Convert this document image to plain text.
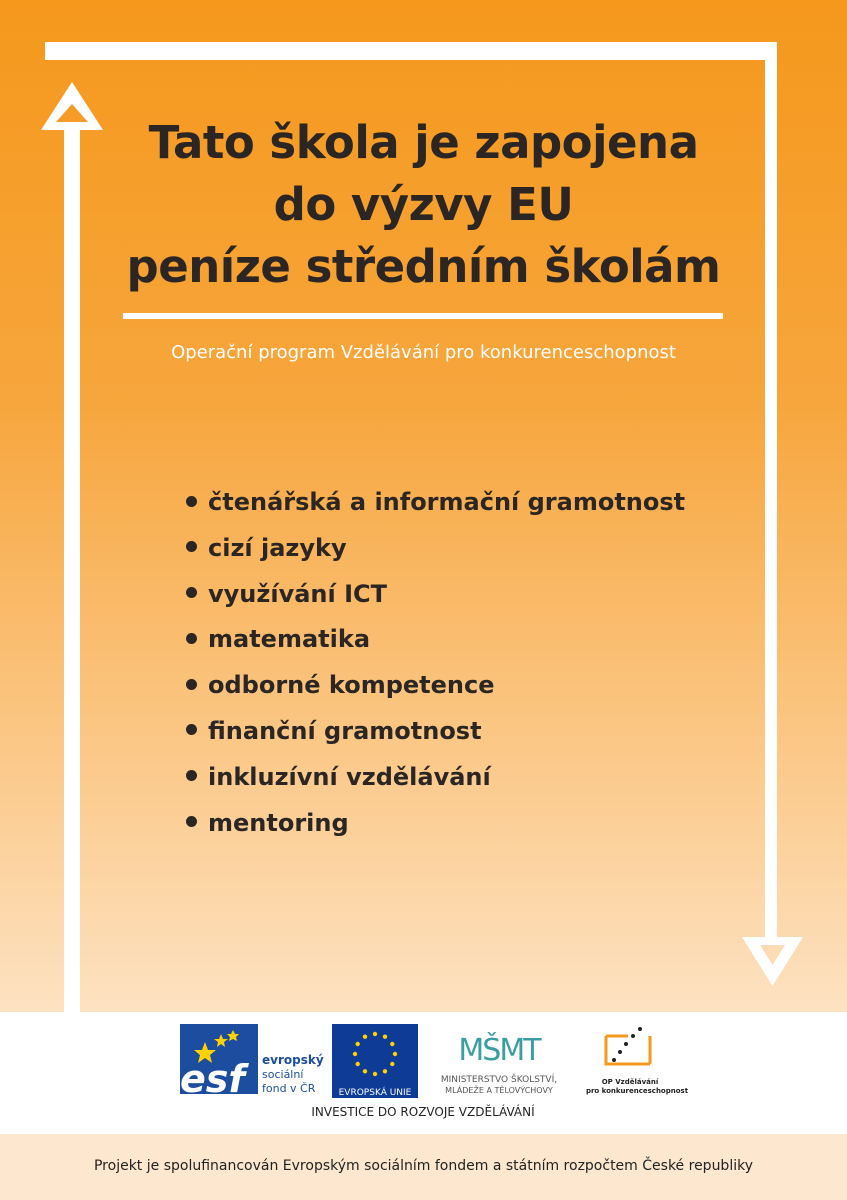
Tato škola je zapojena
do výzvy EU
peníze středním školám
Operační program Vzdělávání pro konkurenceschopnost
čtenářská a informační gramotnost
cizí jazyky
využívání ICT
matematika
odborné kompetence
finanční gramotnost
inkluzívní vzdělávání
mentoring
esf	evropský
sociální
fond v ČR	EVROPSKÁ UNIE
MŠMT
MINISTERSTVO ŠKOLSTVÍ,
MLÁDEŽE A TĚLOVÝCHOVY
OP Vzdělávání
pro konkurenceschopnost
INVESTICE DO ROZVOJE VZDĚLÁVÁNÍ
Projekt je spolufinancován Evropským sociálním fondem a státním rozpočtem České republiky
